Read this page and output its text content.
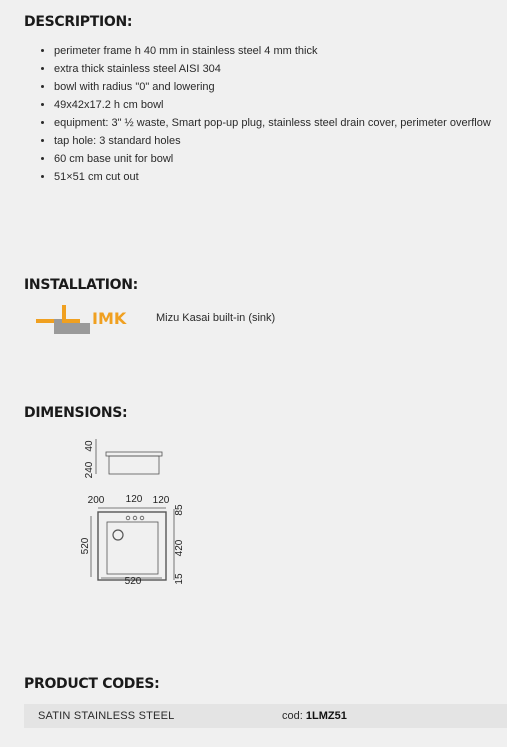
DESCRIPTION:
• perimeter frame h 40 mm in stainless steel 4 mm thick
• extra thick stainless steel AISI 304
• bowl with radius "0" and lowering
• 49x42x17.2 h cm bowl
• equipment: 3" ½ waste, Smart pop-up plug, stainless steel drain cover, perimeter overflow
• tap hole: 3 standard holes
• 60 cm base unit for bowl
• 51×51 cm cut out
INSTALLATION:
IMK	Mizu Kasai built-in (sink)
DIMENSIONS:
40
240
200 120 120
85
420
15
520
520
PRODUCT CODES:
SATIN STAINLESS STEEL	cod: 1LMZ51
